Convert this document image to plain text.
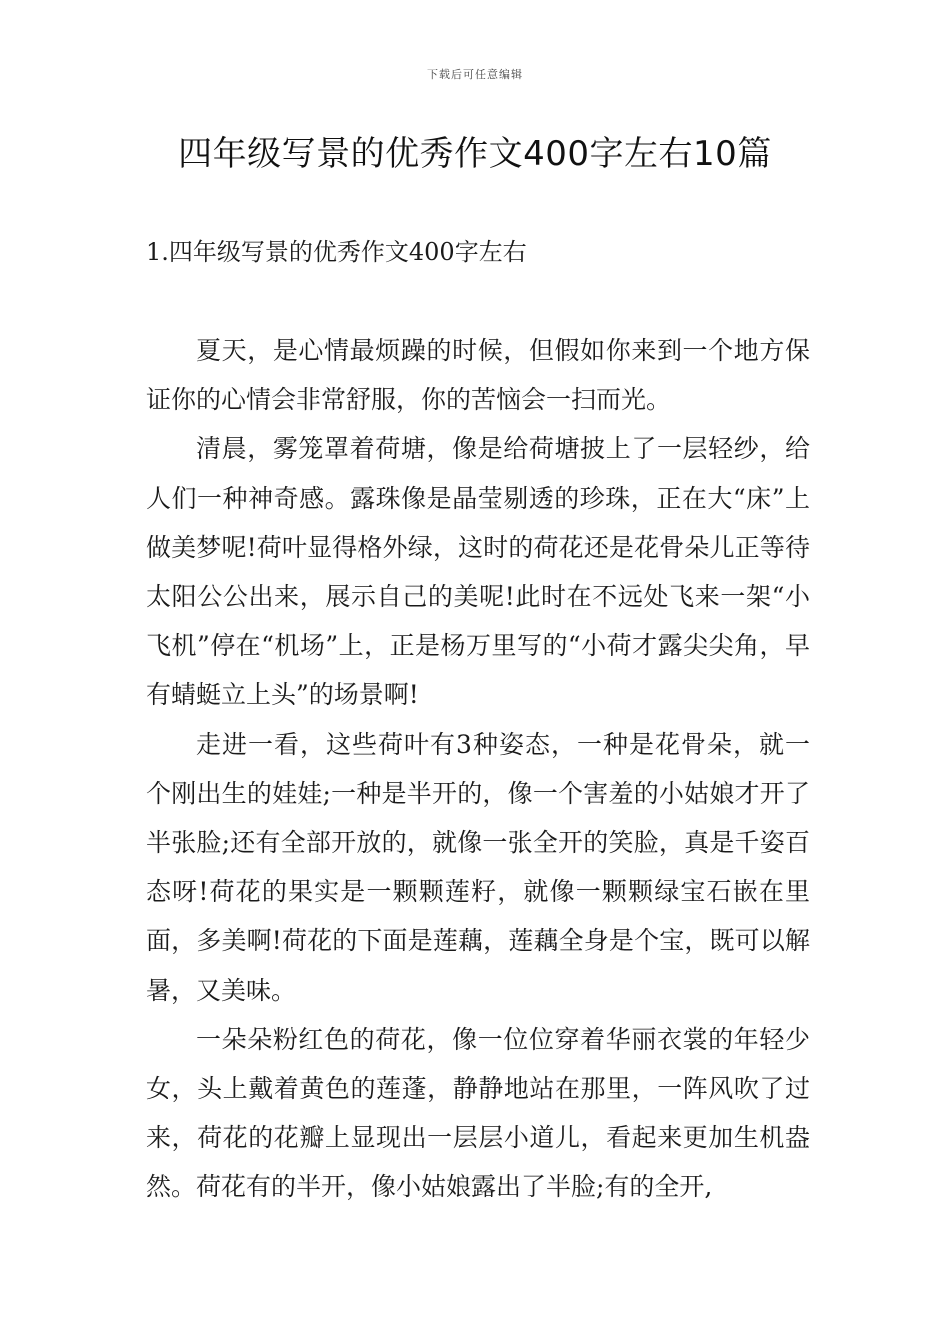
下载后可任意编辑
四年级写景的优秀作文400字左右10篇
1.四年级写景的优秀作文400字左右

夏天，是心情最烦躁的时候，但假如你来到一个地方保证你的心情会非常舒服，你的苦恼会一扫而光。

清晨，雾笼罩着荷塘，像是给荷塘披上了一层轻纱，给人们一种神奇感。露珠像是晶莹剔透的珍珠，正在大“床”上做美梦呢!荷叶显得格外绿，这时的荷花还是花骨朵儿正等待太阳公公出来，展示自己的美呢!此时在不远处飞来一架“小飞机”停在“机场”上，正是杨万里写的“小荷才露尖尖角，早有蜻蜓立上头”的场景啊!

走进一看，这些荷叶有3种姿态，一种是花骨朵，就一个刚出生的娃娃;一种是半开的，像一个害羞的小姑娘才开了半张脸;还有全部开放的，就像一张全开的笑脸，真是千姿百态呀!荷花的果实是一颗颗莲籽，就像一颗颗绿宝石嵌在里面，多美啊!荷花的下面是莲藕，莲藕全身是个宝，既可以解暑，又美味。

一朵朵粉红色的荷花，像一位位穿着华丽衣裳的年轻少女，头上戴着黄色的莲蓬，静静地站在那里，一阵风吹了过来，荷花的花瓣上显现出一层层小道儿，看起来更加生机盎然。荷花有的半开，像小姑娘露出了半脸;有的全开,
